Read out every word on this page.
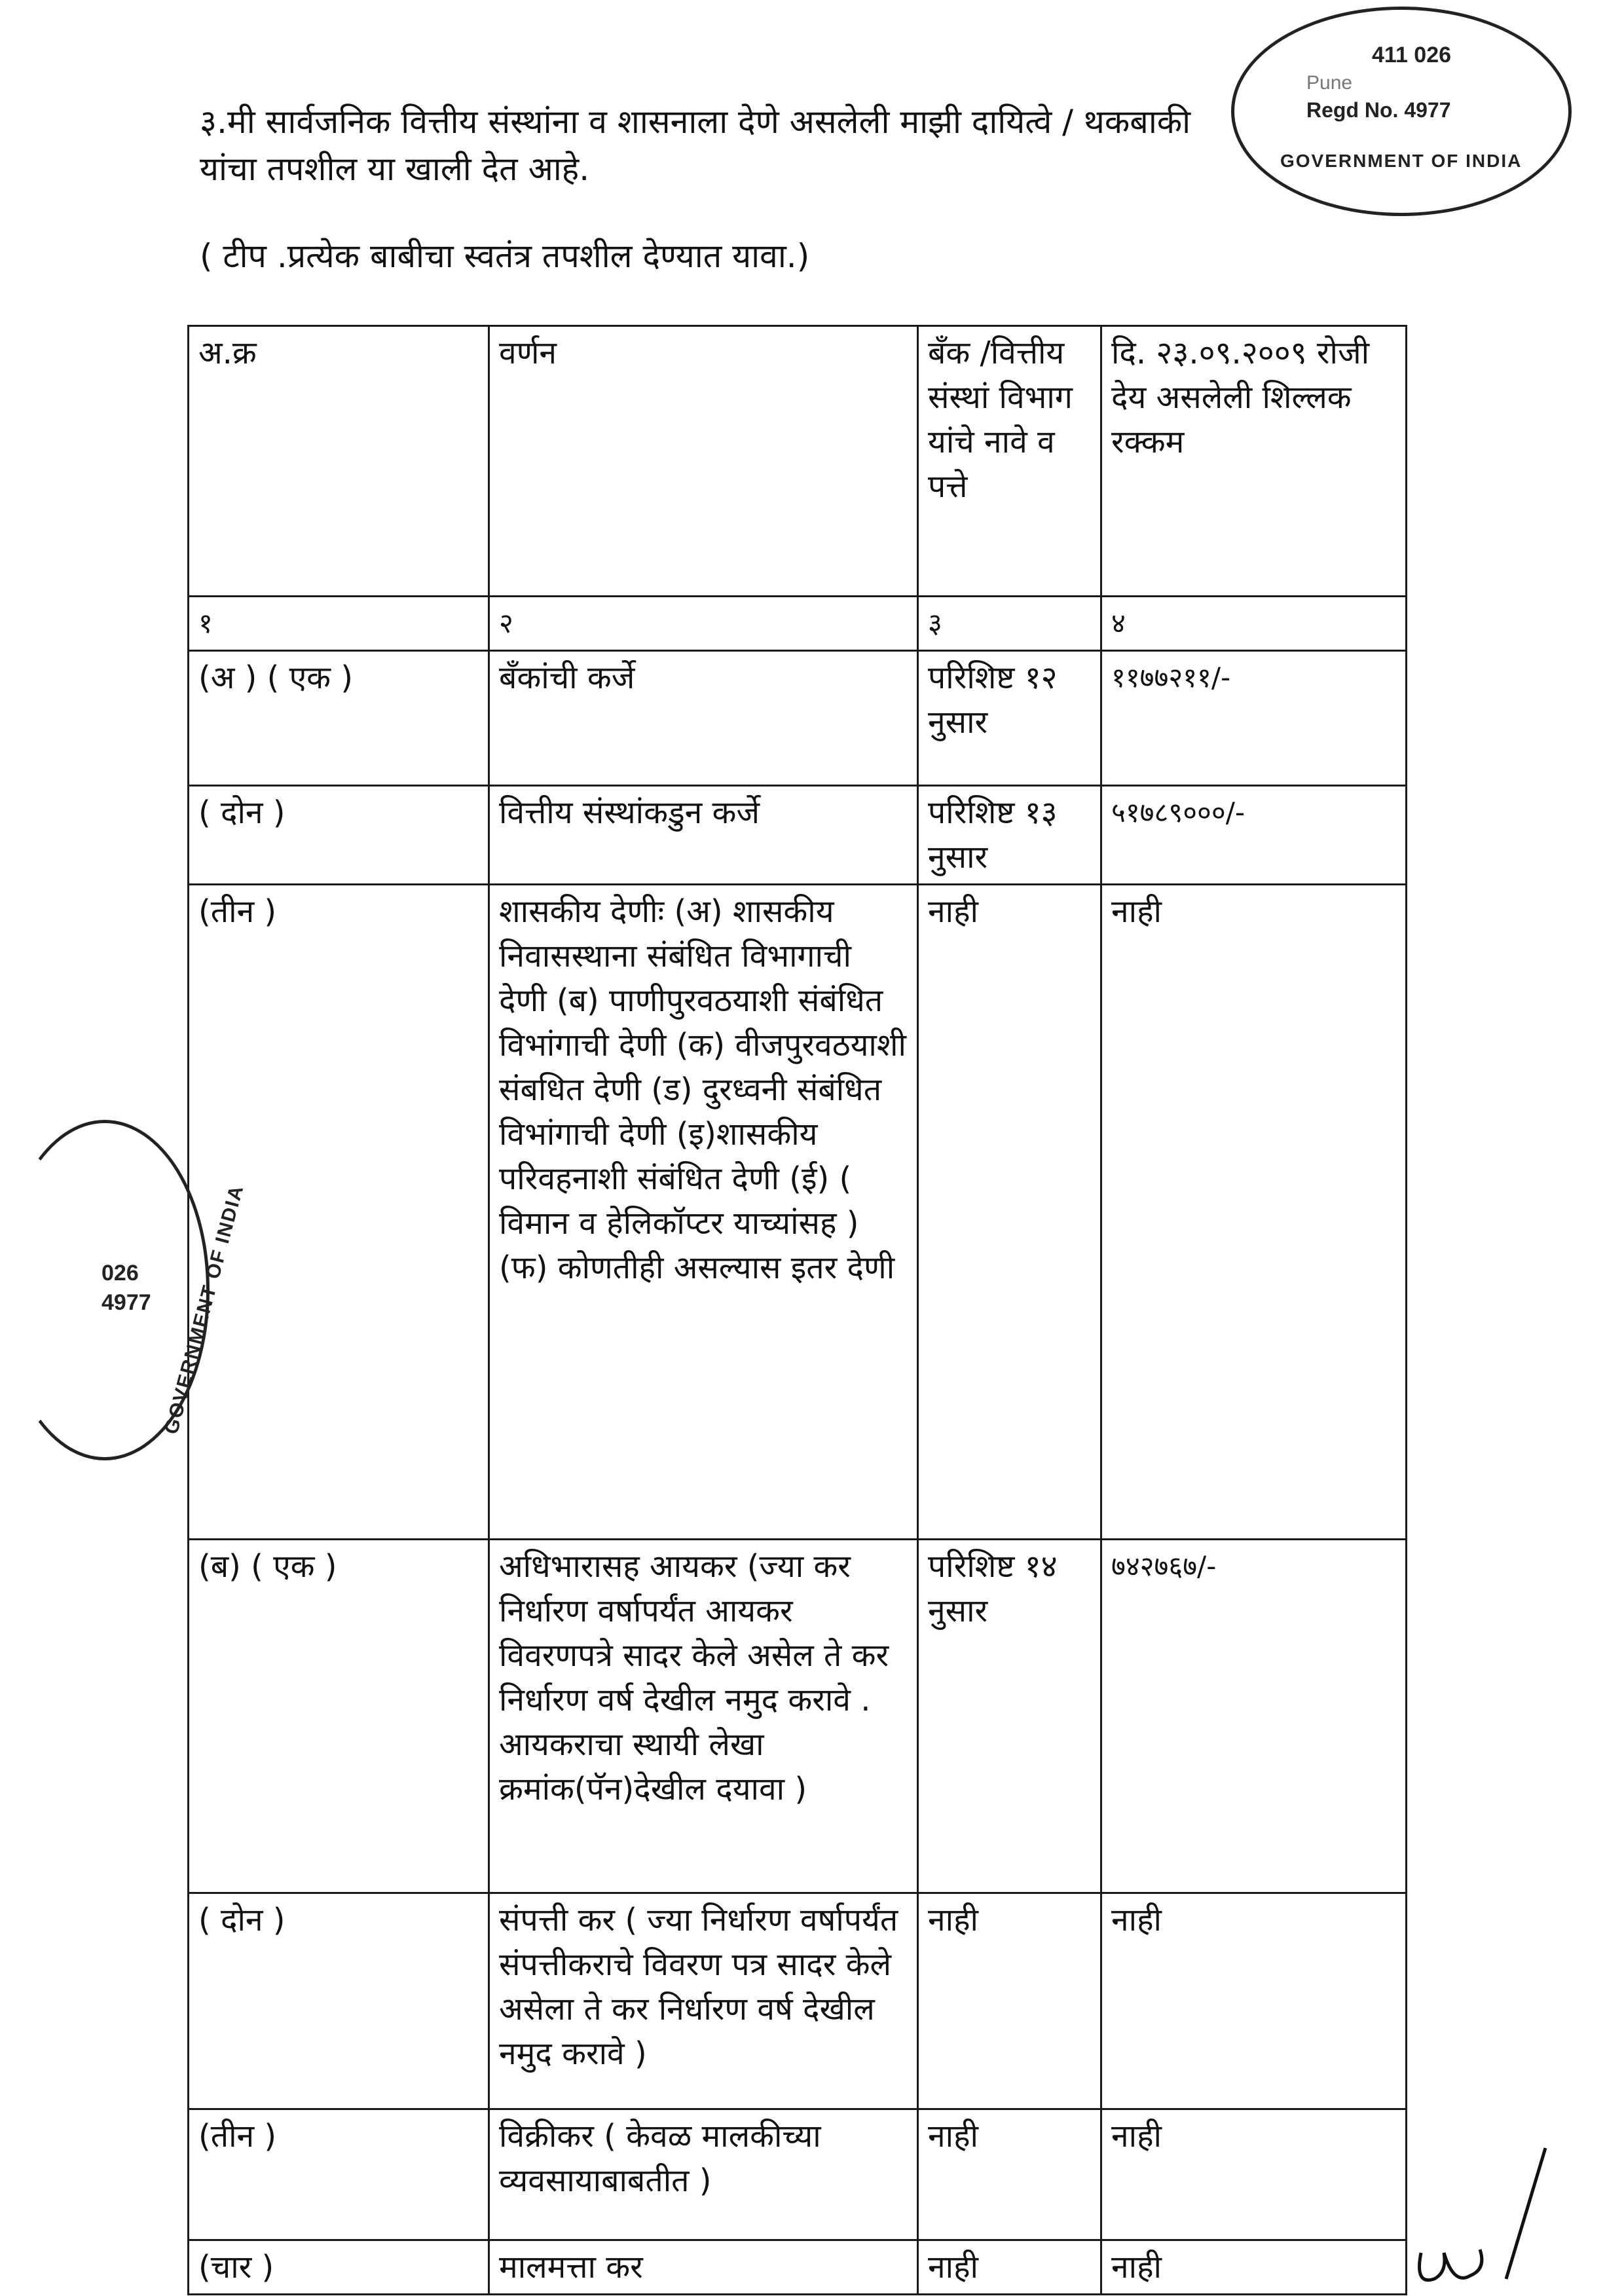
३.मी सार्वजनिक वित्तीय संस्थांना व शासनाला देणे असलेली माझी दायित्वे / थकबाकी यांचा तपशील या खाली देत आहे.
( टीप .प्रत्येक बाबीचा स्वतंत्र तपशील देण्यात यावा.)
अ.क्र	वर्णन	बँक /वित्तीय संस्थां विभाग यांचे नावे व पत्ते	दि. २३.०९.२००९ रोजी देय असलेली शिल्लक रक्कम
१	२	३	४
(अ ) ( एक )	बँकांची कर्जे	परिशिष्ट १२ नुसार	११७७२११/-
( दोन )	वित्तीय संस्थांकडुन कर्जे	परिशिष्ट १३ नुसार	५१७८९०००/-
(तीन )	शासकीय देणीः (अ) शासकीय निवासस्थाना संबंधित विभागाची देणी (ब) पाणीपुरवठयाशी संबंधित विभांगाची देणी (क) वीजपुरवठयाशी संबधित देणी (ड) दुरध्वनी संबंधित विभांगाची देणी (इ)शासकीय परिवहनाशी संबंधित देणी (ई) ( विमान व हेलिकॉप्टर याच्यांसह ) (फ) कोणतीही असल्यास इतर देणी	नाही	नाही
(ब) ( एक )	अधिभारासह आयकर (ज्या कर निर्धारण वर्षापर्यंत आयकर विवरणपत्रे सादर केले असेल ते कर निर्धारण वर्ष देखील नमुद करावे . आयकराचा स्थायी लेखा क्रमांक(पॅन)देखील दयावा )	परिशिष्ट १४ नुसार	७४२७६७/-
( दोन )	संपत्ती कर ( ज्या निर्धारण वर्षापर्यंत संपत्तीकराचे विवरण पत्र सादर केले असेला ते कर निर्धारण वर्ष देखील नमुद करावे )	नाही	नाही
(तीन )	विक्रीकर ( केवळ मालकीच्या व्यवसायाबाबतीत )	नाही	नाही
(चार )	मालमत्ता कर	नाही	नाही
411 026
Pune
Regd No. 4977
GOVERNMENT OF INDIA
026
4977 GOVERNMENT OF INDIA
